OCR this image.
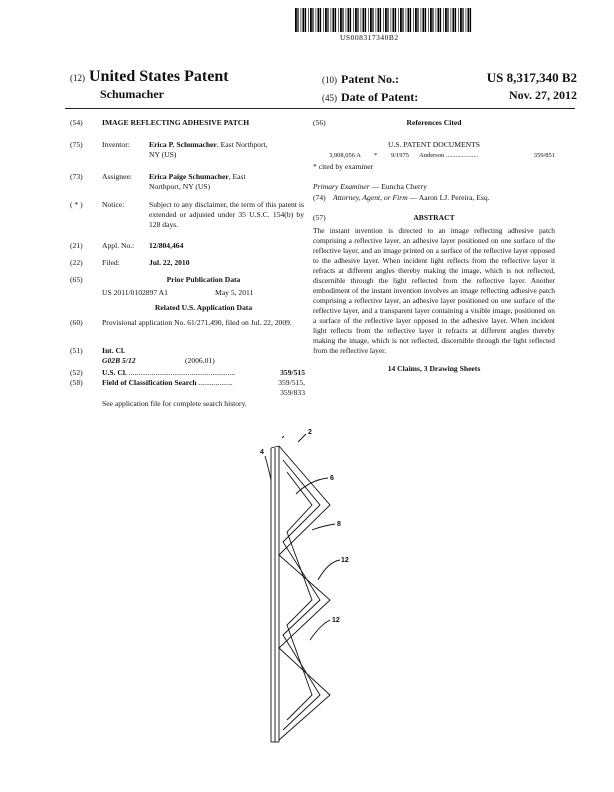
US008317340B2
(12) United States Patent
Schumacher
(10) Patent No.:	US 8,317,340 B2
(45) Date of Patent:	Nov. 27, 2012
(54)	IMAGE REFLECTING ADHESIVE PATCH
(75)	Inventor:	Erica P. Schumacher, East Northport,
NY (US)
(73)	Assignee: Erica Paige Schumacher, East
Northport, NY (US)
( * )	Notice:	Subject to any disclaimer, the term of this patent is extended or adjusted under 35 U.S.C. 154(b) by 128 days.
(21)	Appl. No.: 12/804,464
(22)	Filed:	Jul. 22, 2010
(65)	Prior Publication Data
US 2011/0102897 A1	May 5, 2011
Related U.S. Application Data
(60)	Provisional application No. 61/271,490, filed on Jul. 22, 2009.
(51)	Int. Cl.
G02B 5/12	(2006.01)
(52)	U.S. Cl. ........................................................	359/515
(58)	Field of Classification Search ..................	359/515,
359/833
See application file for complete search history.
(56)	References Cited
U.S. PATENT DOCUMENTS
3,908,056 A * 9/1975 Anderson ....................	359/851
* cited by examiner
Primary Examiner — Euncha Cherry
(74) Attorney, Agent, or Firm — Aaron LJ. Pereira, Esq.
(57)	ABSTRACT
The instant invention is directed to an image reflecting adhesive patch comprising a reflective layer, an adhesive layer positioned on one surface of the reflective layer, and an image printed on a surface of the reflective layer opposed to the adhesive layer. When incident light reflects from the reflective layer it refracts at different angles thereby making the image, which is not reflected, discernible through the light reflected from the reflective layer. Another embodiment of the instant invention involves an image reflecting adhesive patch comprising a reflective layer, an adhesive layer positioned on one surface of the reflective layer, and a transparent layer containing a visible image, positioned on a surface of the reflective layer opposed to the adhesive layer. When incident light reflects from the reflective layer it refracts at different angles thereby making the image, which is not reflected, discernible through the light reflected from the reflective layer.
14 Claims, 3 Drawing Sheets
2
4
6
8
12
12
